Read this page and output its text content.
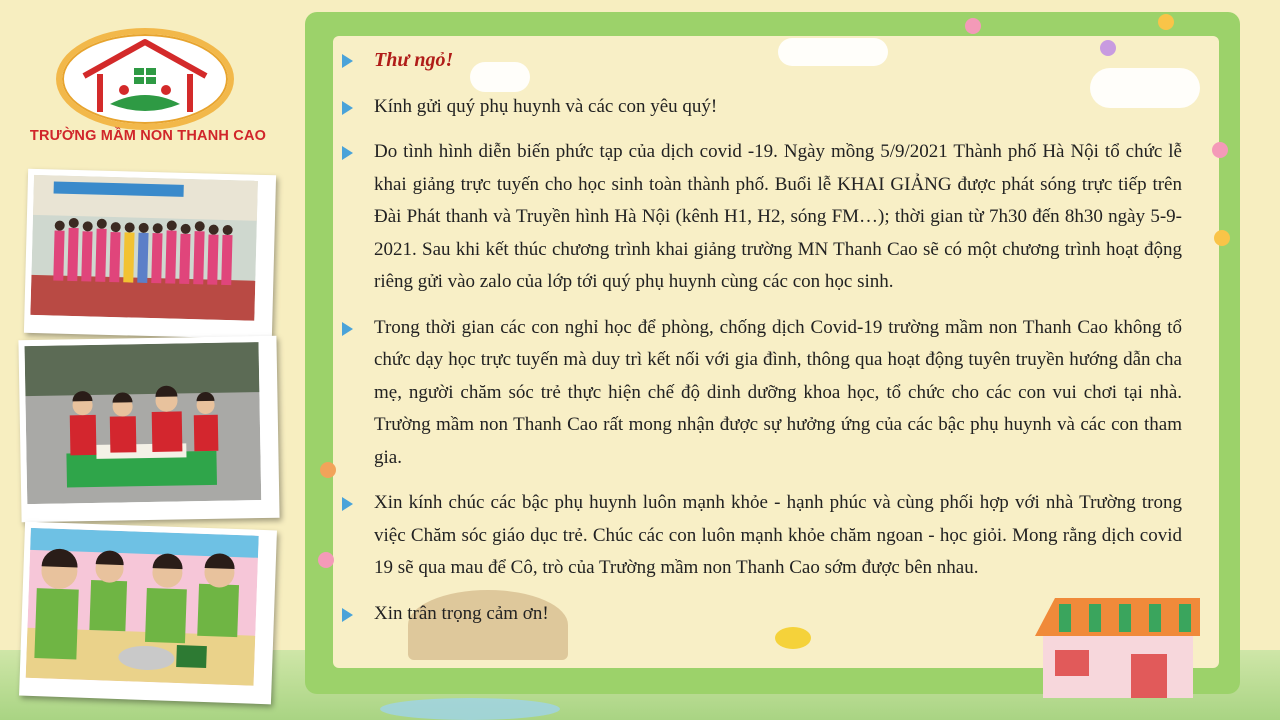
TRƯỜNG MẦM NON THANH CAO
Thư ngỏ!
Kính gửi quý phụ huynh và các con yêu quý!
Do tình hình diễn biến phức tạp của dịch covid -19. Ngày mồng 5/9/2021 Thành phố Hà Nội tổ chức lễ khai giảng trực tuyến cho học sinh toàn thành phố. Buổi lễ KHAI GIẢNG được phát sóng trực tiếp trên Đài Phát thanh và Truyền hình Hà Nội (kênh H1, H2, sóng FM…); thời gian từ 7h30 đến 8h30 ngày 5-9-2021. Sau khi kết thúc chương trình khai giảng trường MN Thanh Cao sẽ có một chương trình hoạt động riêng gửi vào zalo của lớp tới quý phụ huynh cùng các con học sinh.
Trong thời gian các con nghỉ học để phòng, chống dịch Covid-19 trường mầm non Thanh Cao không tổ chức dạy học trực tuyến mà duy trì kết nối với gia đình, thông qua hoạt động tuyên truyền hướng dẫn cha mẹ, người chăm sóc trẻ thực hiện chế độ dinh dưỡng khoa học, tổ chức cho các con vui chơi tại nhà. Trường mầm non Thanh Cao rất mong nhận được sự hưởng ứng của các bậc phụ huynh và các con tham gia.
Xin kính chúc các bậc phụ huynh luôn mạnh khỏe - hạnh phúc và cùng phối hợp với nhà Trường trong việc Chăm sóc giáo dục trẻ. Chúc các con luôn mạnh khỏe chăm ngoan - học giỏi. Mong rằng dịch covid 19 sẽ qua mau để Cô, trò của Trường mầm non Thanh Cao sớm được bên nhau.
Xin trân trọng cảm ơn!
